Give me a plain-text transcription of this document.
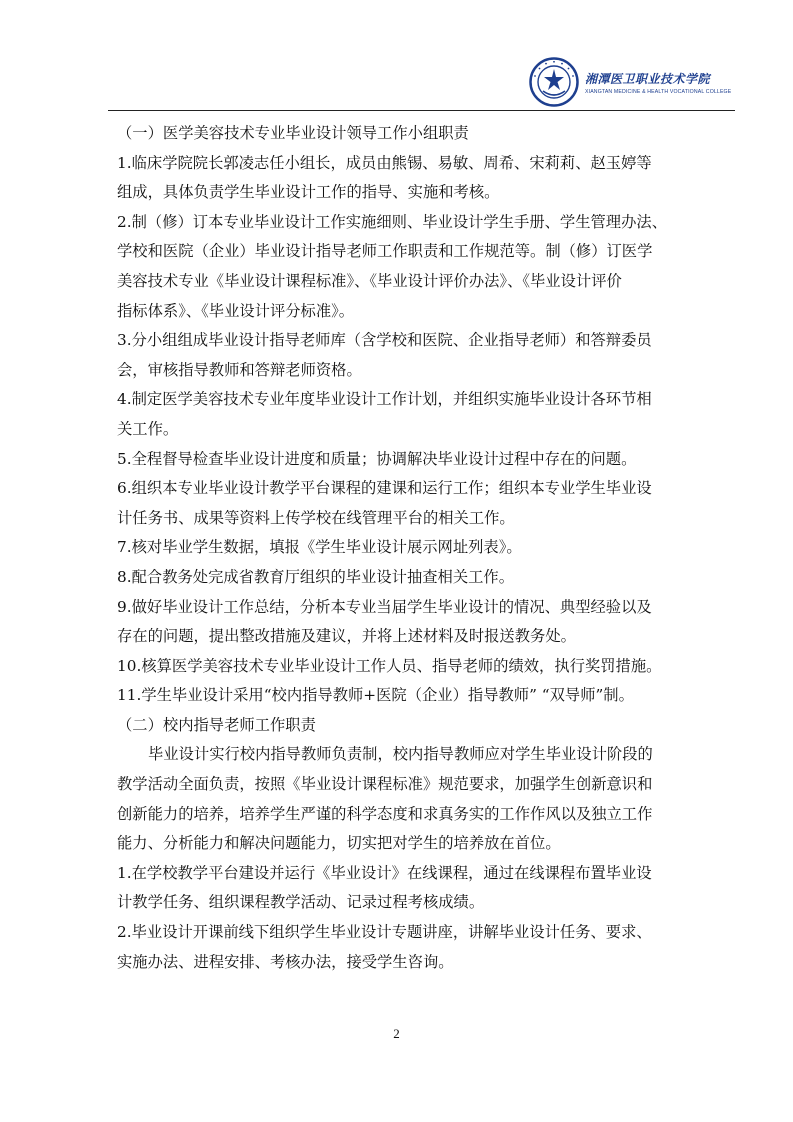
湘潭医卫职业技术学院
XIANGTAN MEDICINE & HEALTH VOCATIONAL COLLEGE

（一）医学美容技术专业毕业设计领导工作小组职责

1.临床学院院长郭凌志任小组长，成员由熊锡、易敏、周希、宋莉莉、赵玉婷等

组成，具体负责学生毕业设计工作的指导、实施和考核。

2.制（修）订本专业毕业设计工作实施细则、毕业设计学生手册、学生管理办法、

学校和医院（企业）毕业设计指导老师工作职责和工作规范等。制（修）订医学

美容技术专业《毕业设计课程标准》、《毕业设计评价办法》、《毕业设计评价

指标体系》、《毕业设计评分标准》。

3.分小组组成毕业设计指导老师库（含学校和医院、企业指导老师）和答辩委员

会，审核指导教师和答辩老师资格。

4.制定医学美容技术专业年度毕业设计工作计划，并组织实施毕业设计各环节相

关工作。

5.全程督导检查毕业设计进度和质量；协调解决毕业设计过程中存在的问题。

6.组织本专业毕业设计教学平台课程的建课和运行工作；组织本专业学生毕业设

计任务书、成果等资料上传学校在线管理平台的相关工作。

7.核对毕业学生数据，填报《学生毕业设计展示网址列表》。

8.配合教务处完成省教育厅组织的毕业设计抽查相关工作。

9.做好毕业设计工作总结，分析本专业当届学生毕业设计的情况、典型经验以及

存在的问题，提出整改措施及建议，并将上述材料及时报送教务处。

10.核算医学美容技术专业毕业设计工作人员、指导老师的绩效，执行奖罚措施。

11.学生毕业设计采用“校内指导教师+医院（企业）指导教师” “双导师”制。

（二）校内指导老师工作职责

毕业设计实行校内指导教师负责制，校内指导教师应对学生毕业设计阶段的

教学活动全面负责，按照《毕业设计课程标准》规范要求，加强学生创新意识和

创新能力的培养，培养学生严谨的科学态度和求真务实的工作作风以及独立工作

能力、分析能力和解决问题能力，切实把对学生的培养放在首位。

1.在学校教学平台建设并运行《毕业设计》在线课程，通过在线课程布置毕业设

计教学任务、组织课程教学活动、记录过程考核成绩。

2.毕业设计开课前线下组织学生毕业设计专题讲座，讲解毕业设计任务、要求、

实施办法、进程安排、考核办法，接受学生咨询。

2
